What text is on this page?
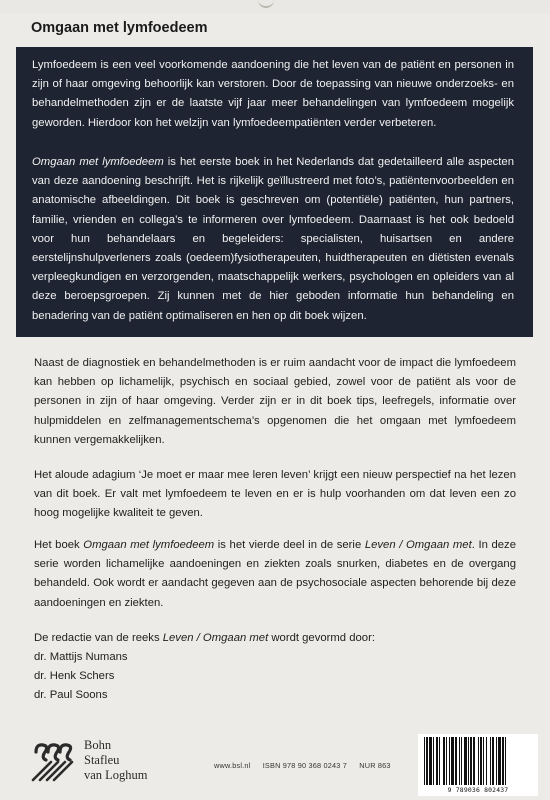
Omgaan met lymfoedeem

Lymfoedeem is een veel voorkomende aandoening die het leven van de patiënt en personen in zijn of haar omgeving behoorlijk kan verstoren. Door de toepassing van nieuwe onderzoeks- en behandelmethoden zijn er de laatste vijf jaar meer behandelingen van lymfoedeem mogelijk geworden. Hierdoor kon het welzijn van lymfoedeempatiënten verder verbeteren.

Omgaan met lymfoedeem is het eerste boek in het Nederlands dat gedetailleerd alle aspecten van deze aandoening beschrijft. Het is rijkelijk geïllustreerd met foto’s, patiëntenvoorbeelden en anatomische afbeeldingen. Dit boek is geschreven om (potentiële) patiënten, hun partners, familie, vrienden en collega’s te informeren over lymfoedeem. Daarnaast is het ook bedoeld voor hun behandelaars en begeleiders: specialisten, huisartsen en andere eerstelijnshulpverleners zoals (oedeem)fysiotherapeuten, huidtherapeuten en diëtisten evenals verpleegkundigen en verzorgenden, maatschappelijk werkers, psychologen en opleiders van al deze beroepsgroepen. Zij kunnen met de hier geboden informatie hun behandeling en benadering van de patiënt optimaliseren en hen op dit boek wijzen.

Naast de diagnostiek en behandelmethoden is er ruim aandacht voor de impact die lymfoedeem kan hebben op lichamelijk, psychisch en sociaal gebied, zowel voor de patiënt als voor de personen in zijn of haar omgeving. Verder zijn er in dit boek tips, leefregels, informatie over hulpmiddelen en zelfmanagementschema’s opgenomen die het omgaan met lymfoedeem kunnen vergemakkelijken.

Het aloude adagium ‘Je moet er maar mee leren leven’ krijgt een nieuw perspectief na het lezen van dit boek. Er valt met lymfoedeem te leven en er is hulp voorhanden om dat leven een zo hoog mogelijke kwaliteit te geven.

Het boek Omgaan met lymfoedeem is het vierde deel in de serie Leven / Omgaan met. In deze serie worden lichamelijke aandoeningen en ziekten zoals snurken, diabetes en de overgang behandeld. Ook wordt er aandacht gegeven aan de psychosociale aspecten behorende bij deze aandoeningen en ziekten.

De redactie van de reeks Leven / Omgaan met wordt gevormd door:

dr. Mattijs Numans
dr. Henk Schers
dr. Paul Soons
Bohn
Stafleu
van Loghum
www.bsl.nl ISBN 978 90 368 0243 7 NUR 863
9 789036 802437
